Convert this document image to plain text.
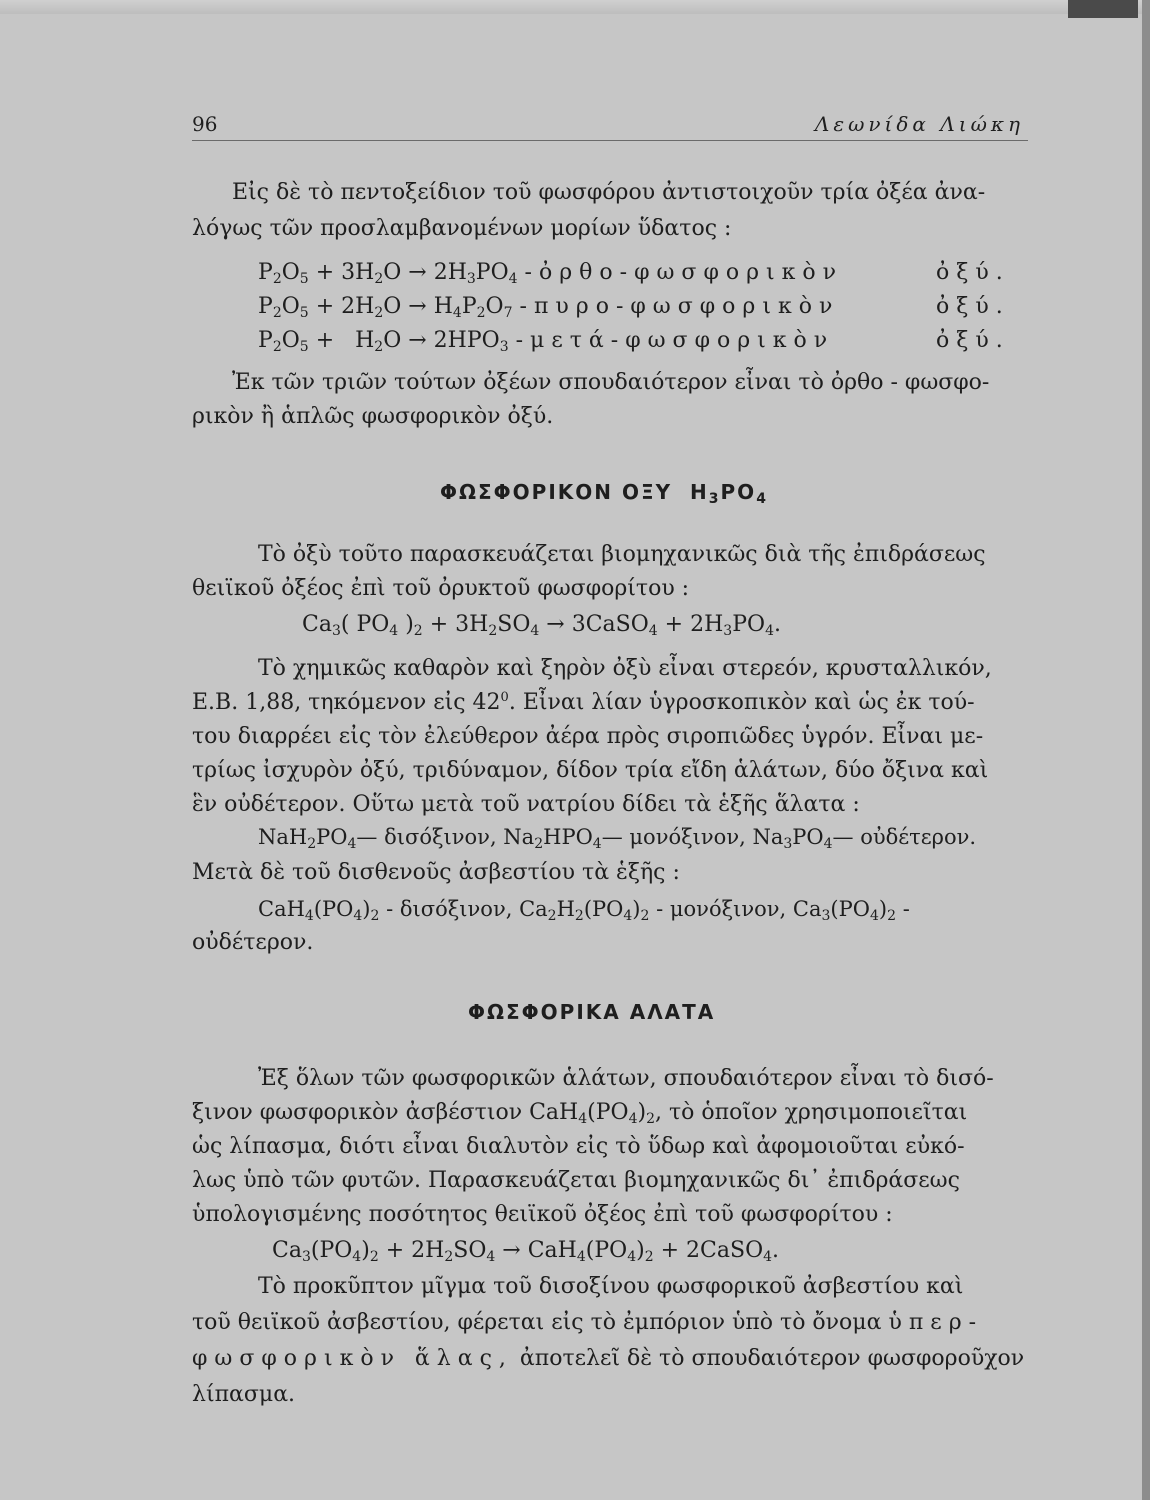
96	Λεωνίδα Λιώκη
Εἰς δὲ τὸ πεντοξείδιον τοῦ φωσφόρου ἀντιστοιχοῦν τρία ὀξέα ἀνα-
λόγως τῶν προσλαμβανομένων μορίων ὕδατος :
$P_2O_5 + 3H_2O \to 2H_3PO_4$ - ὀρθο-φωσφορικὸν	ὀξύ.
$P_2O_5 + 2H_2O \to H_4P_2O_7$ - πυρο-φωσφορικὸν	ὀξύ.
$P_2O_5 + H_2O \to 2HPO_3$ - μετά-φωσφορικὸν	ὀξύ.
Ἐκ τῶν τριῶν τούτων ὀξέων σπουδαιότερον εἶναι τὸ ὀρθο - φωσφο-
ρικὸν ἢ ἁπλῶς φωσφορικὸν ὀξύ.
ΦΩΣΦΟΡΙΚΟΝ ΟΞΥ  $H_3PO_4$
Τὸ ὀξὺ τοῦτο παρασκευάζεται βιομηχανικῶς διὰ τῆς ἐπιδράσεως
θειϊκοῦ ὀξέος ἐπὶ τοῦ ὀρυκτοῦ φωσφορίτου :
$Ca_3$( $PO_4$ )$_2 + 3H_2SO_4$ → 3CaSO$_4$ + $2H_3PO_4$.
Τὸ χημικῶς καθαρὸν καὶ ξηρὸν ὀξὺ εἶναι στερεόν, κρυσταλλικόν,
Ε.Β. 1,88, τηκόμενον εἰς $42^0$. Εἶναι λίαν ὑγροσκοπικὸν καὶ ὡς ἐκ τού-
του διαρρέει εἰς τὸν ἐλεύθερον ἀέρα πρὸς σιροπιῶδες ὑγρόν. Εἶναι με-
τρίως ἰσχυρὸν ὀξύ, τριδύναμον, δίδον τρία εἴδη ἁλάτων, δύο ὄξινα καὶ
ἓν οὐδέτερον. Οὕτω μετὰ τοῦ νατρίου δίδει τὰ ἑξῆς ἅλατα :
$NaH_2PO_4—$ δισόξινον, $Na_2HPO_4—$ μονόξινον, $Na_3PO_4—$ οὐδέτερον.
Μετὰ δὲ τοῦ δισθενοῦς ἀσβεστίου τὰ ἑξῆς :
$CaH_4(PO_4)_2$ - δισόξινον, $Ca_2H_2(PO_4)_2$ - μονόξινον, $Ca_3(PO_4)_2$ -
οὐδέτερον.
ΦΩΣΦΟΡΙΚΑ ΑΛΑΤΑ
Ἐξ ὅλων τῶν φωσφορικῶν ἁλάτων, σπουδαιότερον εἶναι τὸ δισό-
ξινον φωσφορικὸν ἀσβέστιον $CaH_4(PO_4)_2$, τὸ ὁποῖον χρησιμοποιεῖται
ὡς λίπασμα, διότι εἶναι διαλυτὸν εἰς τὸ ὕδωρ καὶ ἀφομοιοῦται εὐκό-
λως ὑπὸ τῶν φυτῶν. Παρασκευάζεται βιομηχανικῶς δι᾽ ἐπιδράσεως
ὑπολογισμένης ποσότητος θειϊκοῦ ὀξέος ἐπὶ τοῦ φωσφορίτου :
$Ca_3(PO_4)_2 + 2H_2SO_4 \to CaH_4(PO_4)_2$ + 2CaSO$_4$.
Τὸ προκῦπτον μῖγμα τοῦ δισοξίνου φωσφορικοῦ ἀσβεστίου καὶ
τοῦ θειϊκοῦ ἀσβεστίου, φέρεται εἰς τὸ ἐμπόριον ὑπὸ τὸ ὄνομα ὑπερ-
φωσφορικὸν ἅλας, ἀποτελεῖ δὲ τὸ σπουδαιότερον φωσφοροῦχον
λίπασμα.
